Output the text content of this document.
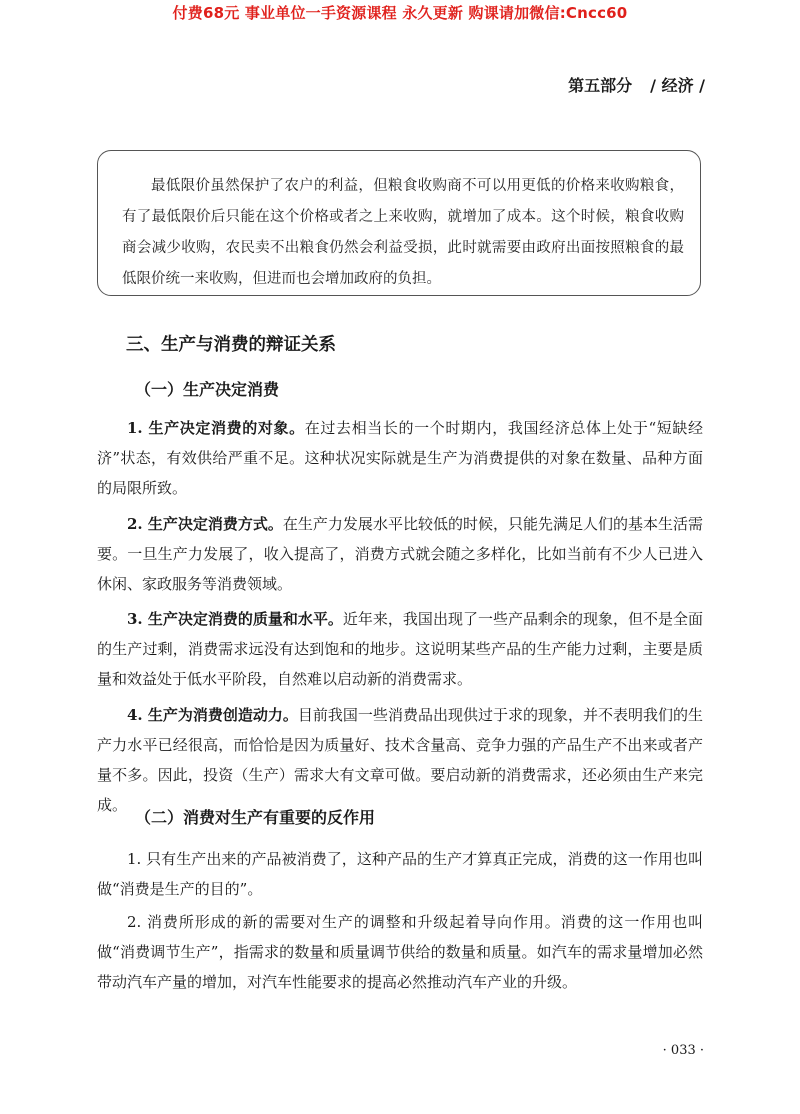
付费68元 事业单位一手资源课程 永久更新 购课请加微信:Cncc60
第五部分 / 经济 /

最低限价虽然保护了农户的利益，但粮食收购商不可以用更低的价格来收购粮食，有了最低限价后只能在这个价格或者之上来收购，就增加了成本。这个时候，粮食收购商会减少收购，农民卖不出粮食仍然会利益受损，此时就需要由政府出面按照粮食的最低限价统一来收购，但进而也会增加政府的负担。

三、生产与消费的辩证关系
（一）生产决定消费

1. 生产决定消费的对象。在过去相当长的一个时期内，我国经济总体上处于“短缺经济”状态，有效供给严重不足。这种状况实际就是生产为消费提供的对象在数量、品种方面的局限所致。

2. 生产决定消费方式。在生产力发展水平比较低的时候，只能先满足人们的基本生活需要。一旦生产力发展了，收入提高了，消费方式就会随之多样化，比如当前有不少人已进入休闲、家政服务等消费领域。

3. 生产决定消费的质量和水平。近年来，我国出现了一些产品剩余的现象，但不是全面的生产过剩，消费需求远没有达到饱和的地步。这说明某些产品的生产能力过剩，主要是质量和效益处于低水平阶段，自然难以启动新的消费需求。

4. 生产为消费创造动力。目前我国一些消费品出现供过于求的现象，并不表明我们的生产力水平已经很高，而恰恰是因为质量好、技术含量高、竞争力强的产品生产不出来或者产量不多。因此，投资（生产）需求大有文章可做。要启动新的消费需求，还必须由生产来完成。

（二）消费对生产有重要的反作用

1. 只有生产出来的产品被消费了，这种产品的生产才算真正完成，消费的这一作用也叫做“消费是生产的目的”。

2. 消费所形成的新的需要对生产的调整和升级起着导向作用。消费的这一作用也叫做“消费调节生产”，指需求的数量和质量调节供给的数量和质量。如汽车的需求量增加必然带动汽车产量的增加，对汽车性能要求的提高必然推动汽车产业的升级。

· 033 ·
